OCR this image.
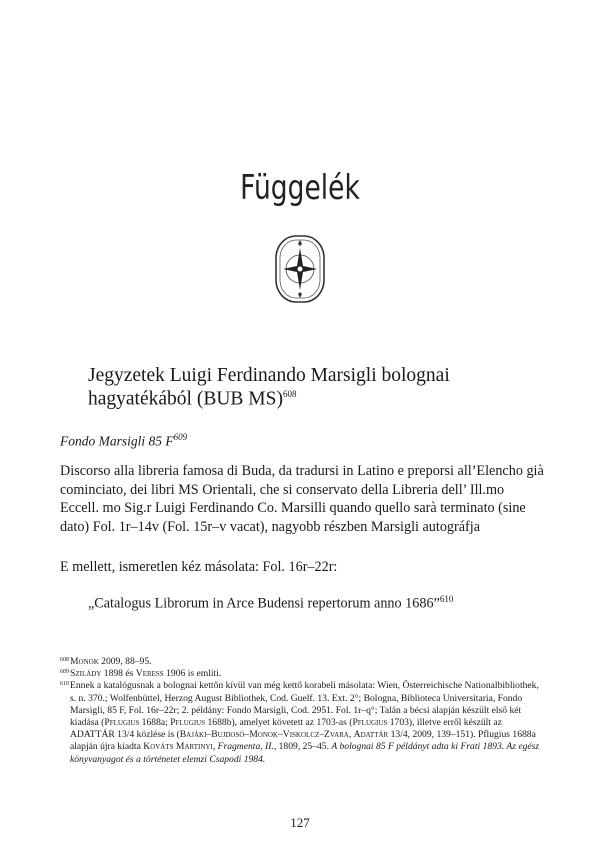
Függelék
Jegyzetek Luigi Ferdinando Marsigli bolognai hagyatékából (BUB MS)$^{608}$
Fondo Marsigli 85 $F^{609}$
Discorso alla libreria famosa di Buda, da tradursi in Latino e preporsi all’Elencho già cominciato, dei libri MS Orientali, che si conservato della Libreria dell’ Ill.mo Eccell. mo Sig.r Luigi Ferdinando Co. Marsilli quando quello sarà terminato (sine dato) Fol. 1r–14v (Fol. 15r–v vacat), nagyobb részben Marsigli autográfja
E mellett, ismeretlen kéz másolata: Fol. 16r–22r:
„Catalogus Librorum in Arce Budensi repertorum anno 1686”$^{610}$
608 Monok 2009, 88–95.
609 Szilády 1898 és Veress 1906 is említi.
610 Ennek a katalógusnak a bolognai kettőn kívül van még kettő korabeli másolata: Wien, Österreichische Nationalbibliothek, s. n. 370.; Wolfenbüttel, Herzog August Bibliothek, Cod. Guelf. 13. Ext. 2°; Bologna, Biblioteca Universitaria, Fondo Marsigli, 85 F, Fol. 16r–22r; 2. példány: Fondo Marsigli, Cod. 2951. Fol. 1r–q°; Talán a bécsi alapján készült első két kiadása (Pflugius 1688a; Pflugius 1688b), amelyet követett az 1703-as (Pflugius 1703), illetve erről készült az ADATTÁR 13/4 közlése is (Bajáki–Bujdosó–Monok–Viskolcz–Zvara, Adattár 13/4, 2009, 139–151). Pflugius 1688a alapján újra kiadta Kováts Martinyi, Fragmenta, II., 1809, 25–45. A bolognai 85 F példányt adta ki Frati 1893. Az egész könyvanyagot és a történetet elemzi Csapodi 1984.
127
